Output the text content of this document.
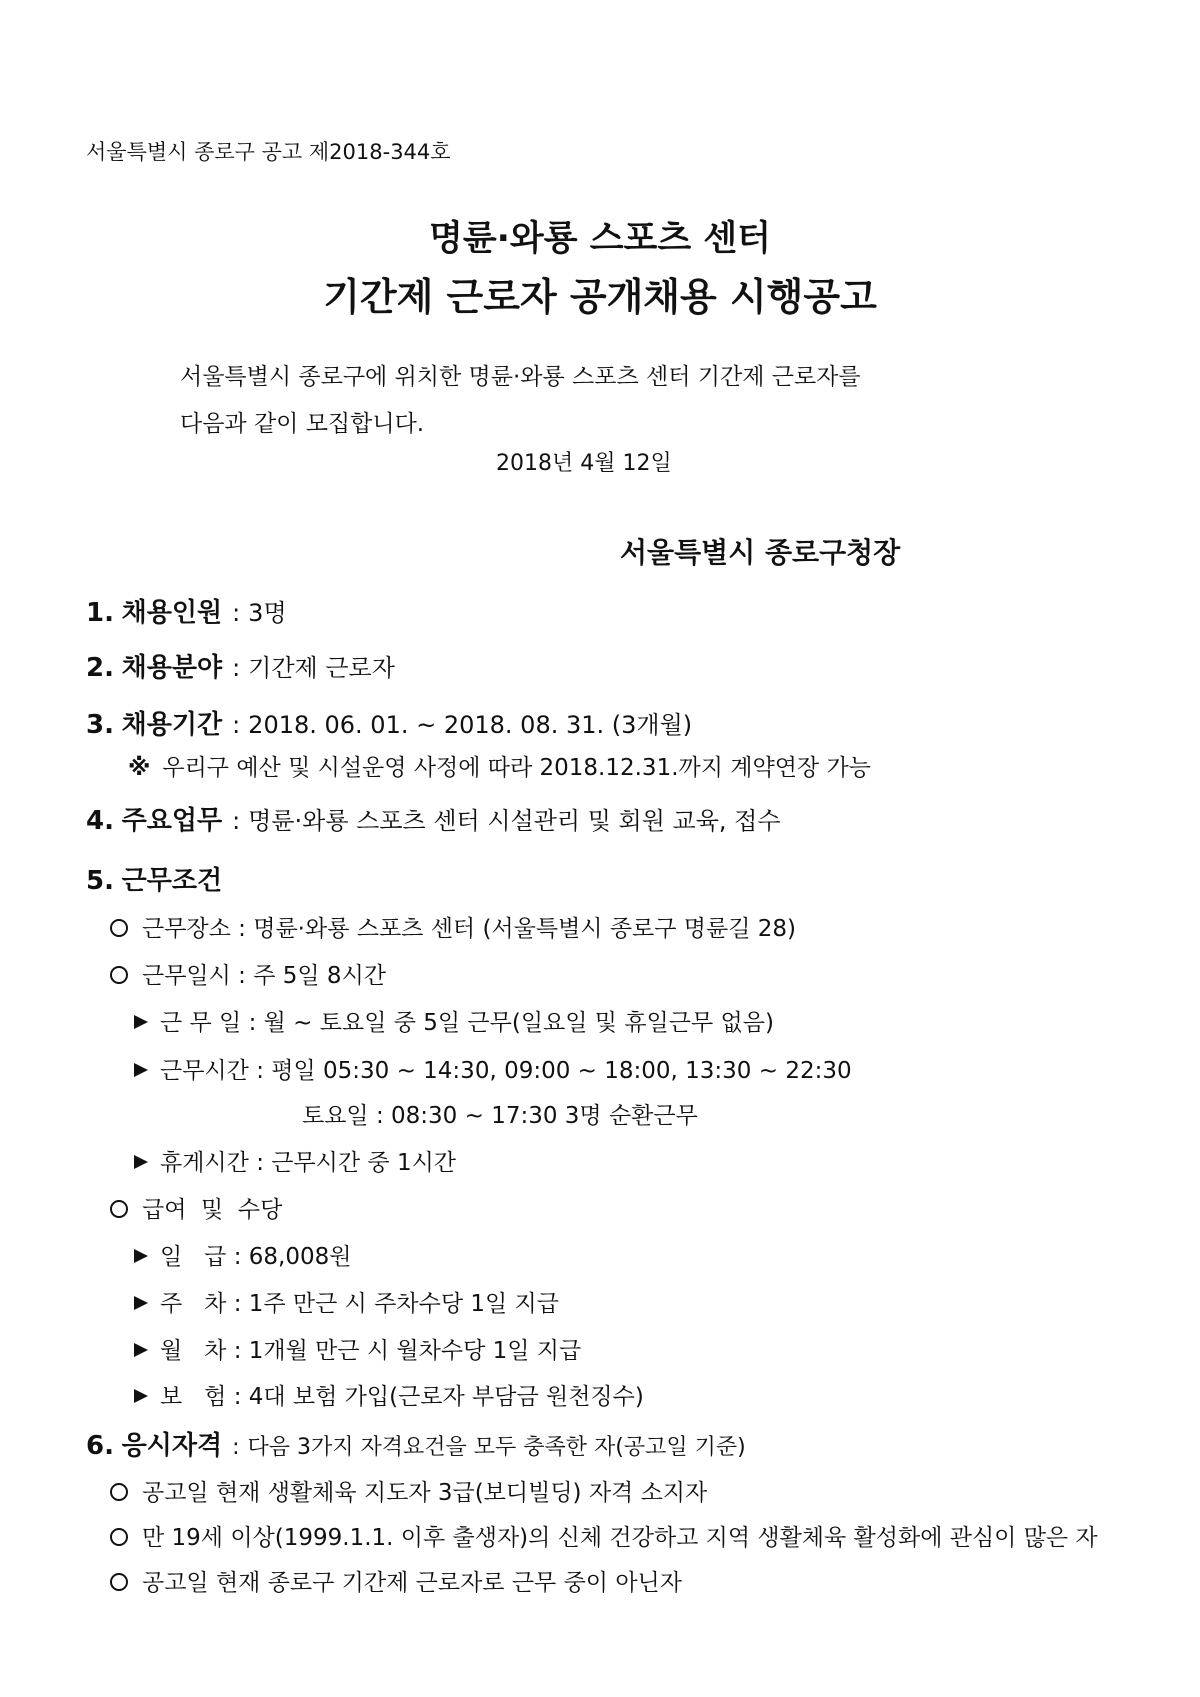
서울특별시 종로구 공고 제2018-344호
명륜·와룡 스포츠 센터
기간제 근로자 공개채용 시행공고
서울특별시 종로구에 위치한 명륜·와룡 스포츠 센터 기간제 근로자를
다음과 같이 모집합니다.
2018년 4월 12일
서울특별시 종로구청장
1. 채용인원 : 3명
2. 채용분야 : 기간제 근로자
3. 채용기간 : 2018. 06. 01. ~ 2018. 08. 31. (3개월)
※ 우리구 예산 및 시설운영 사정에 따라 2018.12.31.까지 계약연장 가능
4. 주요업무 : 명륜·와룡 스포츠 센터 시설관리 및 회원 교육, 접수
5. 근무조건
근무장소 : 명륜·와룡 스포츠 센터 (서울특별시 종로구 명륜길 28)
근무일시 : 주 5일 8시간
근 무 일 : 월 ~ 토요일 중 5일 근무(일요일 및 휴일근무 없음)
근무시간 : 평일 05:30 ~ 14:30, 09:00 ~ 18:00, 13:30 ~ 22:30
토요일 : 08:30 ~ 17:30 3명 순환근무
휴게시간 : 근무시간 중 1시간
급여  및  수당
일   급 : 68,008원
주   차 : 1주 만근 시 주차수당 1일 지급
월   차 : 1개월 만근 시 월차수당 1일 지급
보   험 : 4대 보험 가입(근로자 부담금 원천징수)
6. 응시자격 : 다음 3가지 자격요건을 모두 충족한 자(공고일 기준)
공고일 현재 생활체육 지도자 3급(보디빌딩) 자격 소지자
만 19세 이상(1999.1.1. 이후 출생자)의 신체 건강하고 지역 생활체육 활성화에 관심이 많은 자
공고일 현재 종로구 기간제 근로자로 근무 중이 아닌자
